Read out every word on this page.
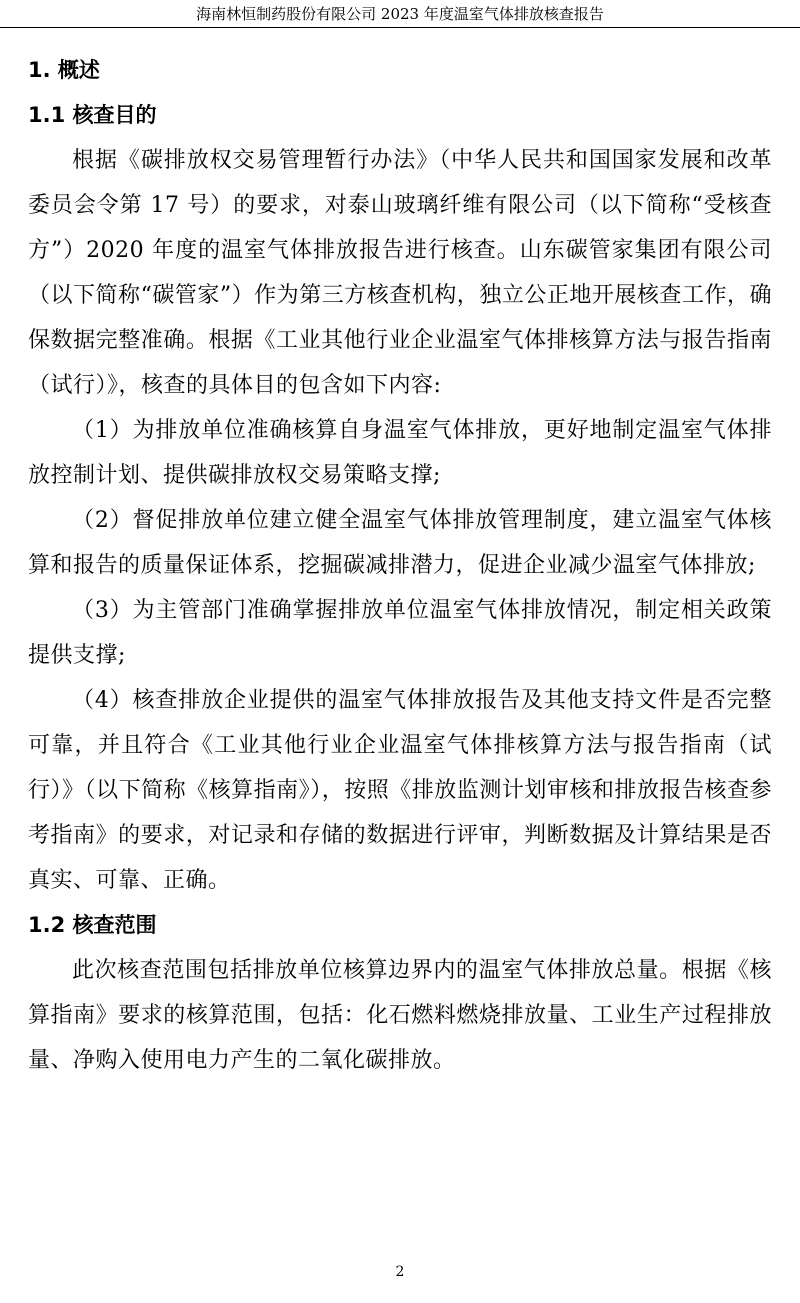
海南林恒制药股份有限公司 2023 年度温室气体排放核查报告
1. 概述
1.1 核查目的

根据《碳排放权交易管理暂行办法》（中华人民共和国国家发展和改革委员会令第 17 号）的要求，对泰山玻璃纤维有限公司（以下简称“受核查方”）2020 年度的温室气体排放报告进行核查。山东碳管家集团有限公司（以下简称“碳管家”）作为第三方核查机构，独立公正地开展核查工作，确保数据完整准确。根据《工业其他行业企业温室气体排核算方法与报告指南（试行）》，核查的具体目的包含如下内容:

（1）为排放单位准确核算自身温室气体排放，更好地制定温室气体排放控制计划、提供碳排放权交易策略支撑;

（2）督促排放单位建立健全温室气体排放管理制度，建立温室气体核算和报告的质量保证体系，挖掘碳减排潜力，促进企业减少温室气体排放;

（3）为主管部门准确掌握排放单位温室气体排放情况，制定相关政策提供支撑;

（4）核查排放企业提供的温室气体排放报告及其他支持文件是否完整可靠，并且符合《工业其他行业企业温室气体排核算方法与报告指南（试行）》（以下简称《核算指南》），按照《排放监测计划审核和排放报告核查参考指南》的要求，对记录和存储的数据进行评审，判断数据及计算结果是否真实、可靠、正确。

1.2 核查范围

此次核查范围包括排放单位核算边界内的温室气体排放总量。根据《核算指南》要求的核算范围，包括：化石燃料燃烧排放量、工业生产过程排放量、净购入使用电力产生的二氧化碳排放。

2
